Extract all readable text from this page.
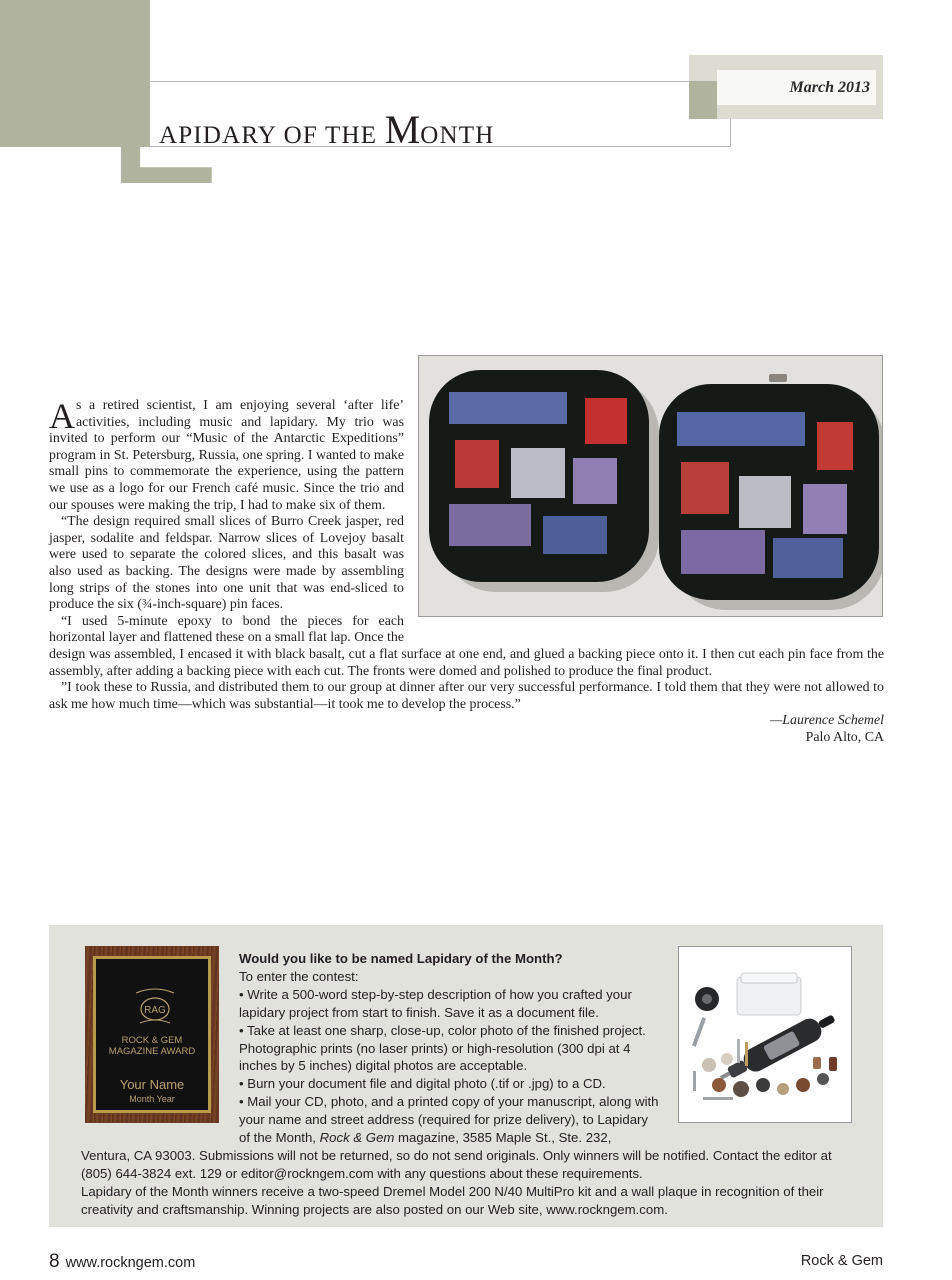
L
APIDARY OF THE MONTH
March 2013

As a retired scientist, I am enjoying several ‘after life’ activities, including music and lapidary. My trio was invited to perform our “Music of the Antarctic Expeditions” program in St. Petersburg, Russia, one spring. I wanted to make small pins to commemorate the experience, using the pattern we use as a logo for our French café music. Since the trio and our spouses were making the trip, I had to make six of them.

“The design required small slices of Burro Creek jasper, red jasper, sodalite and feldspar. Narrow slices of Lovejoy basalt were used to separate the colored slices, and this basalt was also used as backing. The designs were made by assembling long strips of the stones into one unit that was end-sliced to produce the six (¾-inch-square) pin faces.

“I used 5-minute epoxy to bond the pieces for each horizontal layer and flattened these on a small flat lap. Once the design was assembled, I encased it with black basalt, cut a flat surface at one end, and glued a backing piece onto it. I then cut each pin face from the assembly, after adding a backing piece with each cut. The fronts were domed and polished to produce the final product.

”I took these to Russia, and distributed them to our group at dinner after our very successful performance. I told them that they were not allowed to ask me how much time—which was substantial—it took me to develop the process.”

—Laurence Schemel
Palo Alto, CA
RAG
ROCK & GEM
MAGAZINE AWARD
Your Name
Month Year

Would you like to be named Lapidary of the Month?

To enter the contest:

• Write a 500-word step-by-step description of how you crafted your lapidary project from start to finish. Save it as a document file.

• Take at least one sharp, close-up, color photo of the finished project. Photographic prints (no laser prints) or high-resolution (300 dpi at 4 inches by 5 inches) digital photos are acceptable.

• Burn your document file and digital photo (.tif or .jpg) to a CD.

• Mail your CD, photo, and a printed copy of your manuscript, along with your name and street address (required for prize delivery), to Lapidary of the Month, Rock & Gem magazine, 3585 Maple St., Ste. 232, Ventura, CA 93003. Submissions will not be returned, so do not send originals. Only winners will be notified. Contact the editor at (805) 644-3824 ext. 129 or editor@rockngem.com with any questions about these requirements.

Lapidary of the Month winners receive a two-speed Dremel Model 200 N/40 MultiPro kit and a wall plaque in recognition of their creativity and craftsmanship. Winning projects are also posted on our Web site, www.rockngem.com.

8 www.rockngem.com	Rock & Gem
